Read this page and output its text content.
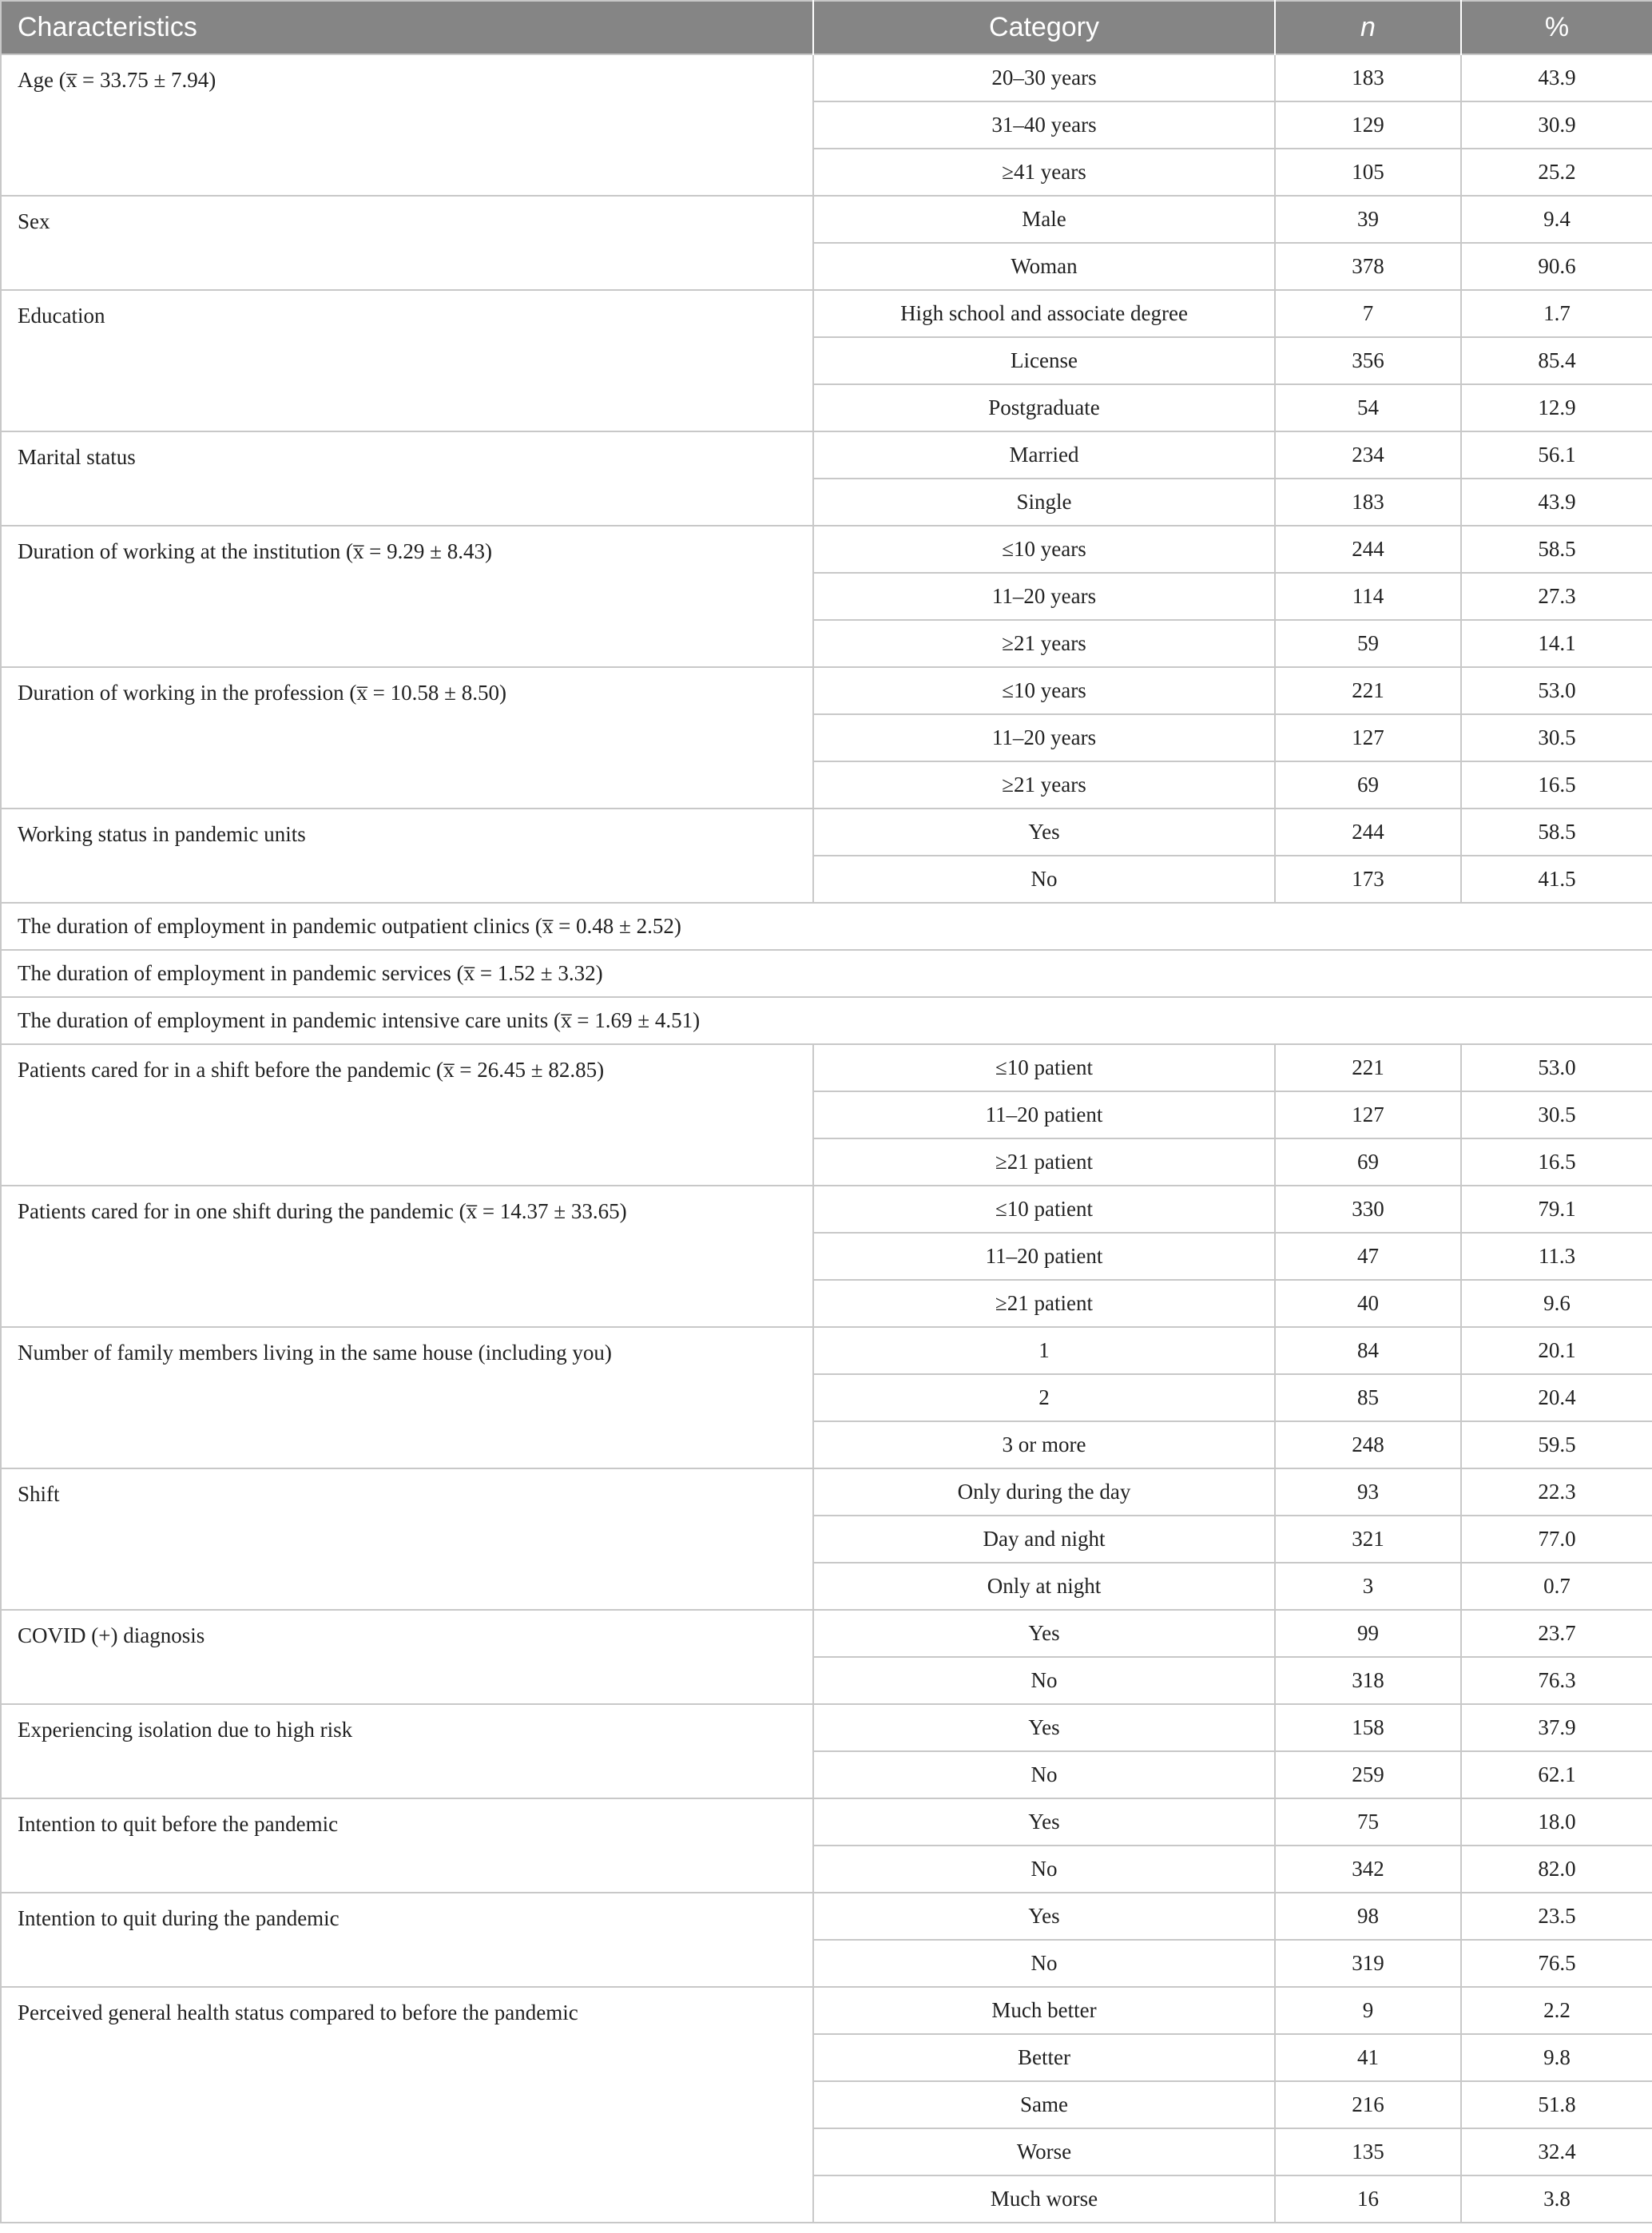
Characteristics	Category	n	%
Age (x̅ = 33.75 ± 7.94)	20–30 years	183	43.9
	31–40 years	129	30.9
	≥41 years	105	25.2
Sex	Male	39	9.4
	Woman	378	90.6
Education	High school and associate degree	7	1.7
	License	356	85.4
	Postgraduate	54	12.9
Marital status	Married	234	56.1
	Single	183	43.9
Duration of working at the institution (x̅ = 9.29 ± 8.43)	≤10 years	244	58.5
	11–20 years	114	27.3
	≥21 years	59	14.1
Duration of working in the profession (x̅ = 10.58 ± 8.50)	≤10 years	221	53.0
	11–20 years	127	30.5
	≥21 years	69	16.5
Working status in pandemic units	Yes	244	58.5
	No	173	41.5
The duration of employment in pandemic outpatient clinics (x̅ = 0.48 ± 2.52)			
The duration of employment in pandemic services (x̅ = 1.52 ± 3.32)			
The duration of employment in pandemic intensive care units (x̅ = 1.69 ± 4.51)			
Patients cared for in a shift before the pandemic (x̅ = 26.45 ± 82.85)	≤10 patient	221	53.0
	11–20 patient	127	30.5
	≥21 patient	69	16.5
Patients cared for in one shift during the pandemic (x̅ = 14.37 ± 33.65)	≤10 patient	330	79.1
	11–20 patient	47	11.3
	≥21 patient	40	9.6
Number of family members living in the same house (including you)	1	84	20.1
	2	85	20.4
	3 or more	248	59.5
Shift	Only during the day	93	22.3
	Day and night	321	77.0
	Only at night	3	0.7
COVID (+) diagnosis	Yes	99	23.7
	No	318	76.3
Experiencing isolation due to high risk	Yes	158	37.9
	No	259	62.1
Intention to quit before the pandemic	Yes	75	18.0
	No	342	82.0
Intention to quit during the pandemic	Yes	98	23.5
	No	319	76.5
Perceived general health status compared to before the pandemic	Much better	9	2.2
	Better	41	9.8
	Same	216	51.8
	Worse	135	32.4
	Much worse	16	3.8
